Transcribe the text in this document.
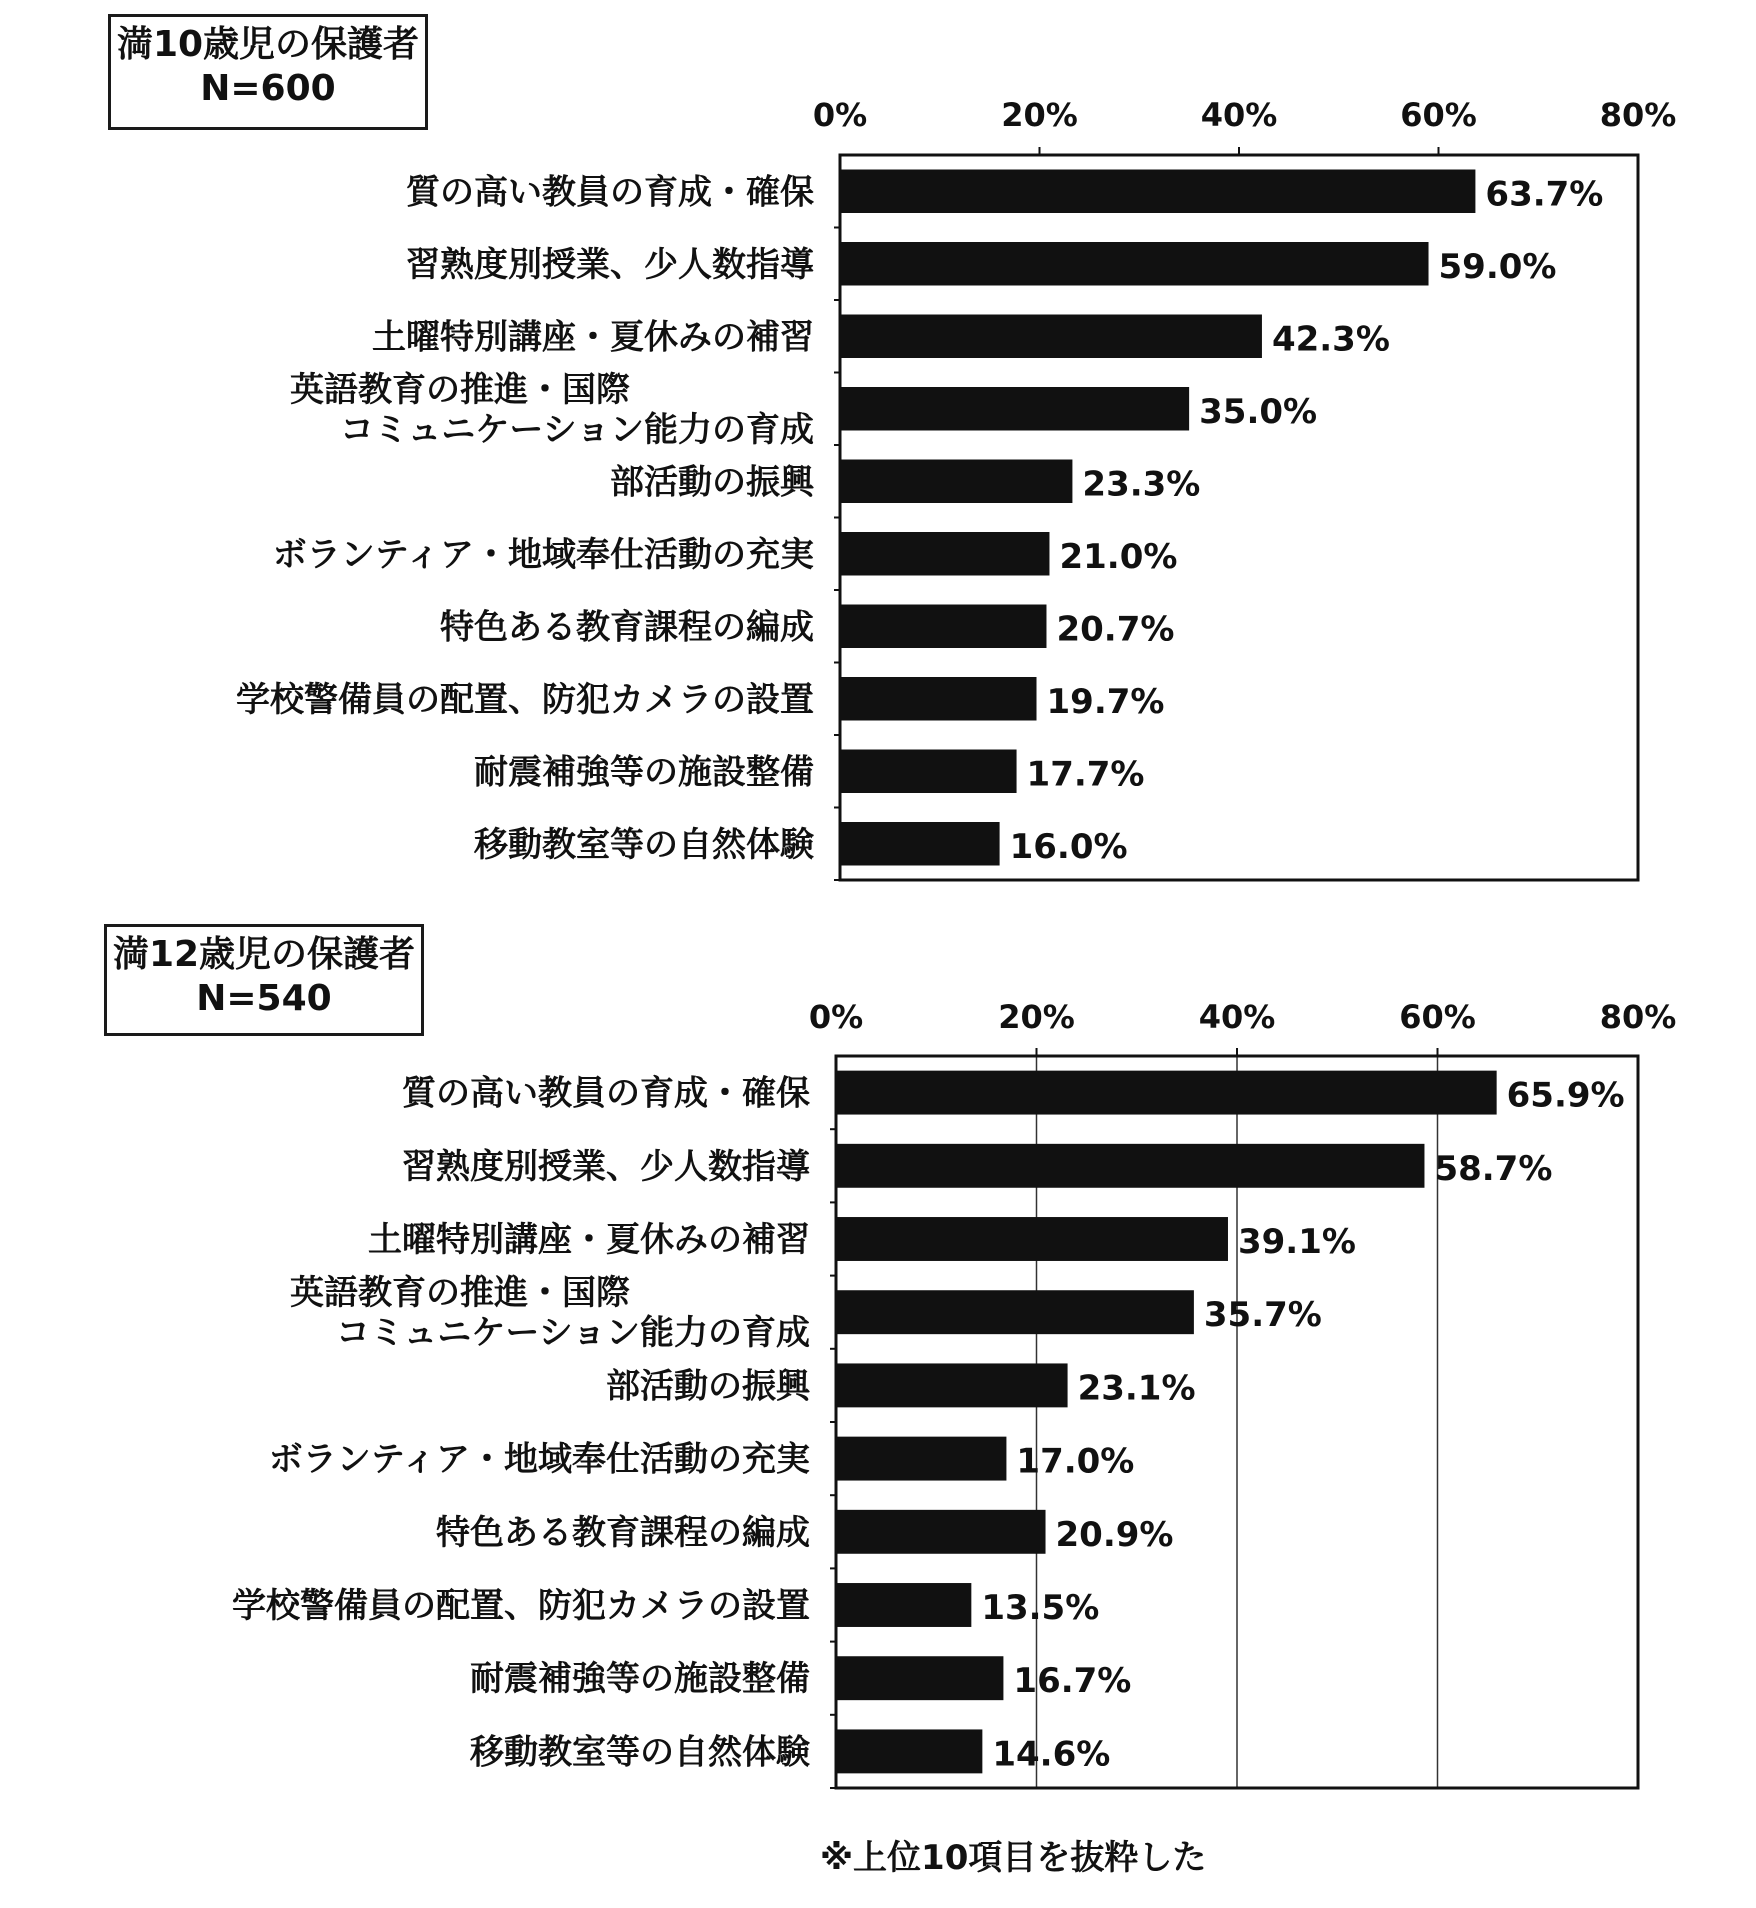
満10歳児の保護者
N=600
0%	20%	40%	60%	80%
63.7%
質の高い教員の育成・確保
59.0%
習熟度別授業、少人数指導
42.3%
土曜特別講座・夏休みの補習
35.0%
英語教育の推進・国際
コミュニケーション能力の育成
23.3%
部活動の振興
21.0%
ボランティア・地域奉仕活動の充実
20.7%
特色ある教育課程の編成
19.7%
学校警備員の配置、防犯カメラの設置
17.7%
耐震補強等の施設整備
16.0%
移動教室等の自然体験
満12歳児の保護者
N=540	0%	20%	40%	60%	80%
65.9%
質の高い教員の育成・確保
58.7%
習熟度別授業、少人数指導
39.1%
土曜特別講座・夏休みの補習
35.7%
英語教育の推進・国際
コミュニケーション能力の育成
23.1%
部活動の振興
17.0%
ボランティア・地域奉仕活動の充実
20.9%
特色ある教育課程の編成
13.5%
学校警備員の配置、防犯カメラの設置
16.7%
耐震補強等の施設整備
14.6%
移動教室等の自然体験
※上位10項目を抜粋した
